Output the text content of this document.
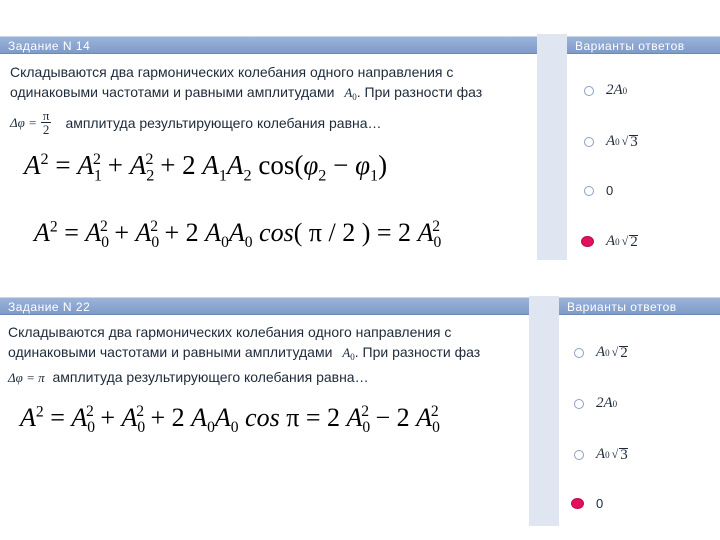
Задание N 14	Варианты ответов
Складываются два гармонических колебания одного направления с
одинаковыми частотами и равными амплитудами $A_0$. При разности фаз
$\Delta\varphi = \frac{\pi}{2}$ амплитуда результирующего колебания равна…
$A^2 = A_1^2 + A_2^2 + 2$ $A_1A_2$ $\cos(\varphi_2 - \varphi_1)$
$A^2 = A_0^2 + A_0^2 + 2$ $A_0A_0$ cos( π / 2 ) = 2 $A_0^2$
2A 0
A 0 √ 3
0
A 0 √ 2
Задание N 22	Варианты ответов
Складываются два гармонических колебания одного направления с
одинаковыми частотами и равными амплитудами $A_0$. При разности фаз
Δφ = π амплитуда результирующего колебания равна…
$A^2 = A_0^2 + A_0^2 + 2$ $A_0A_0$ cos π = 2 $A_0^2 - 2$ $A_0^2$
A 0 √ 2
2A 0
A 0 √ 3
0
